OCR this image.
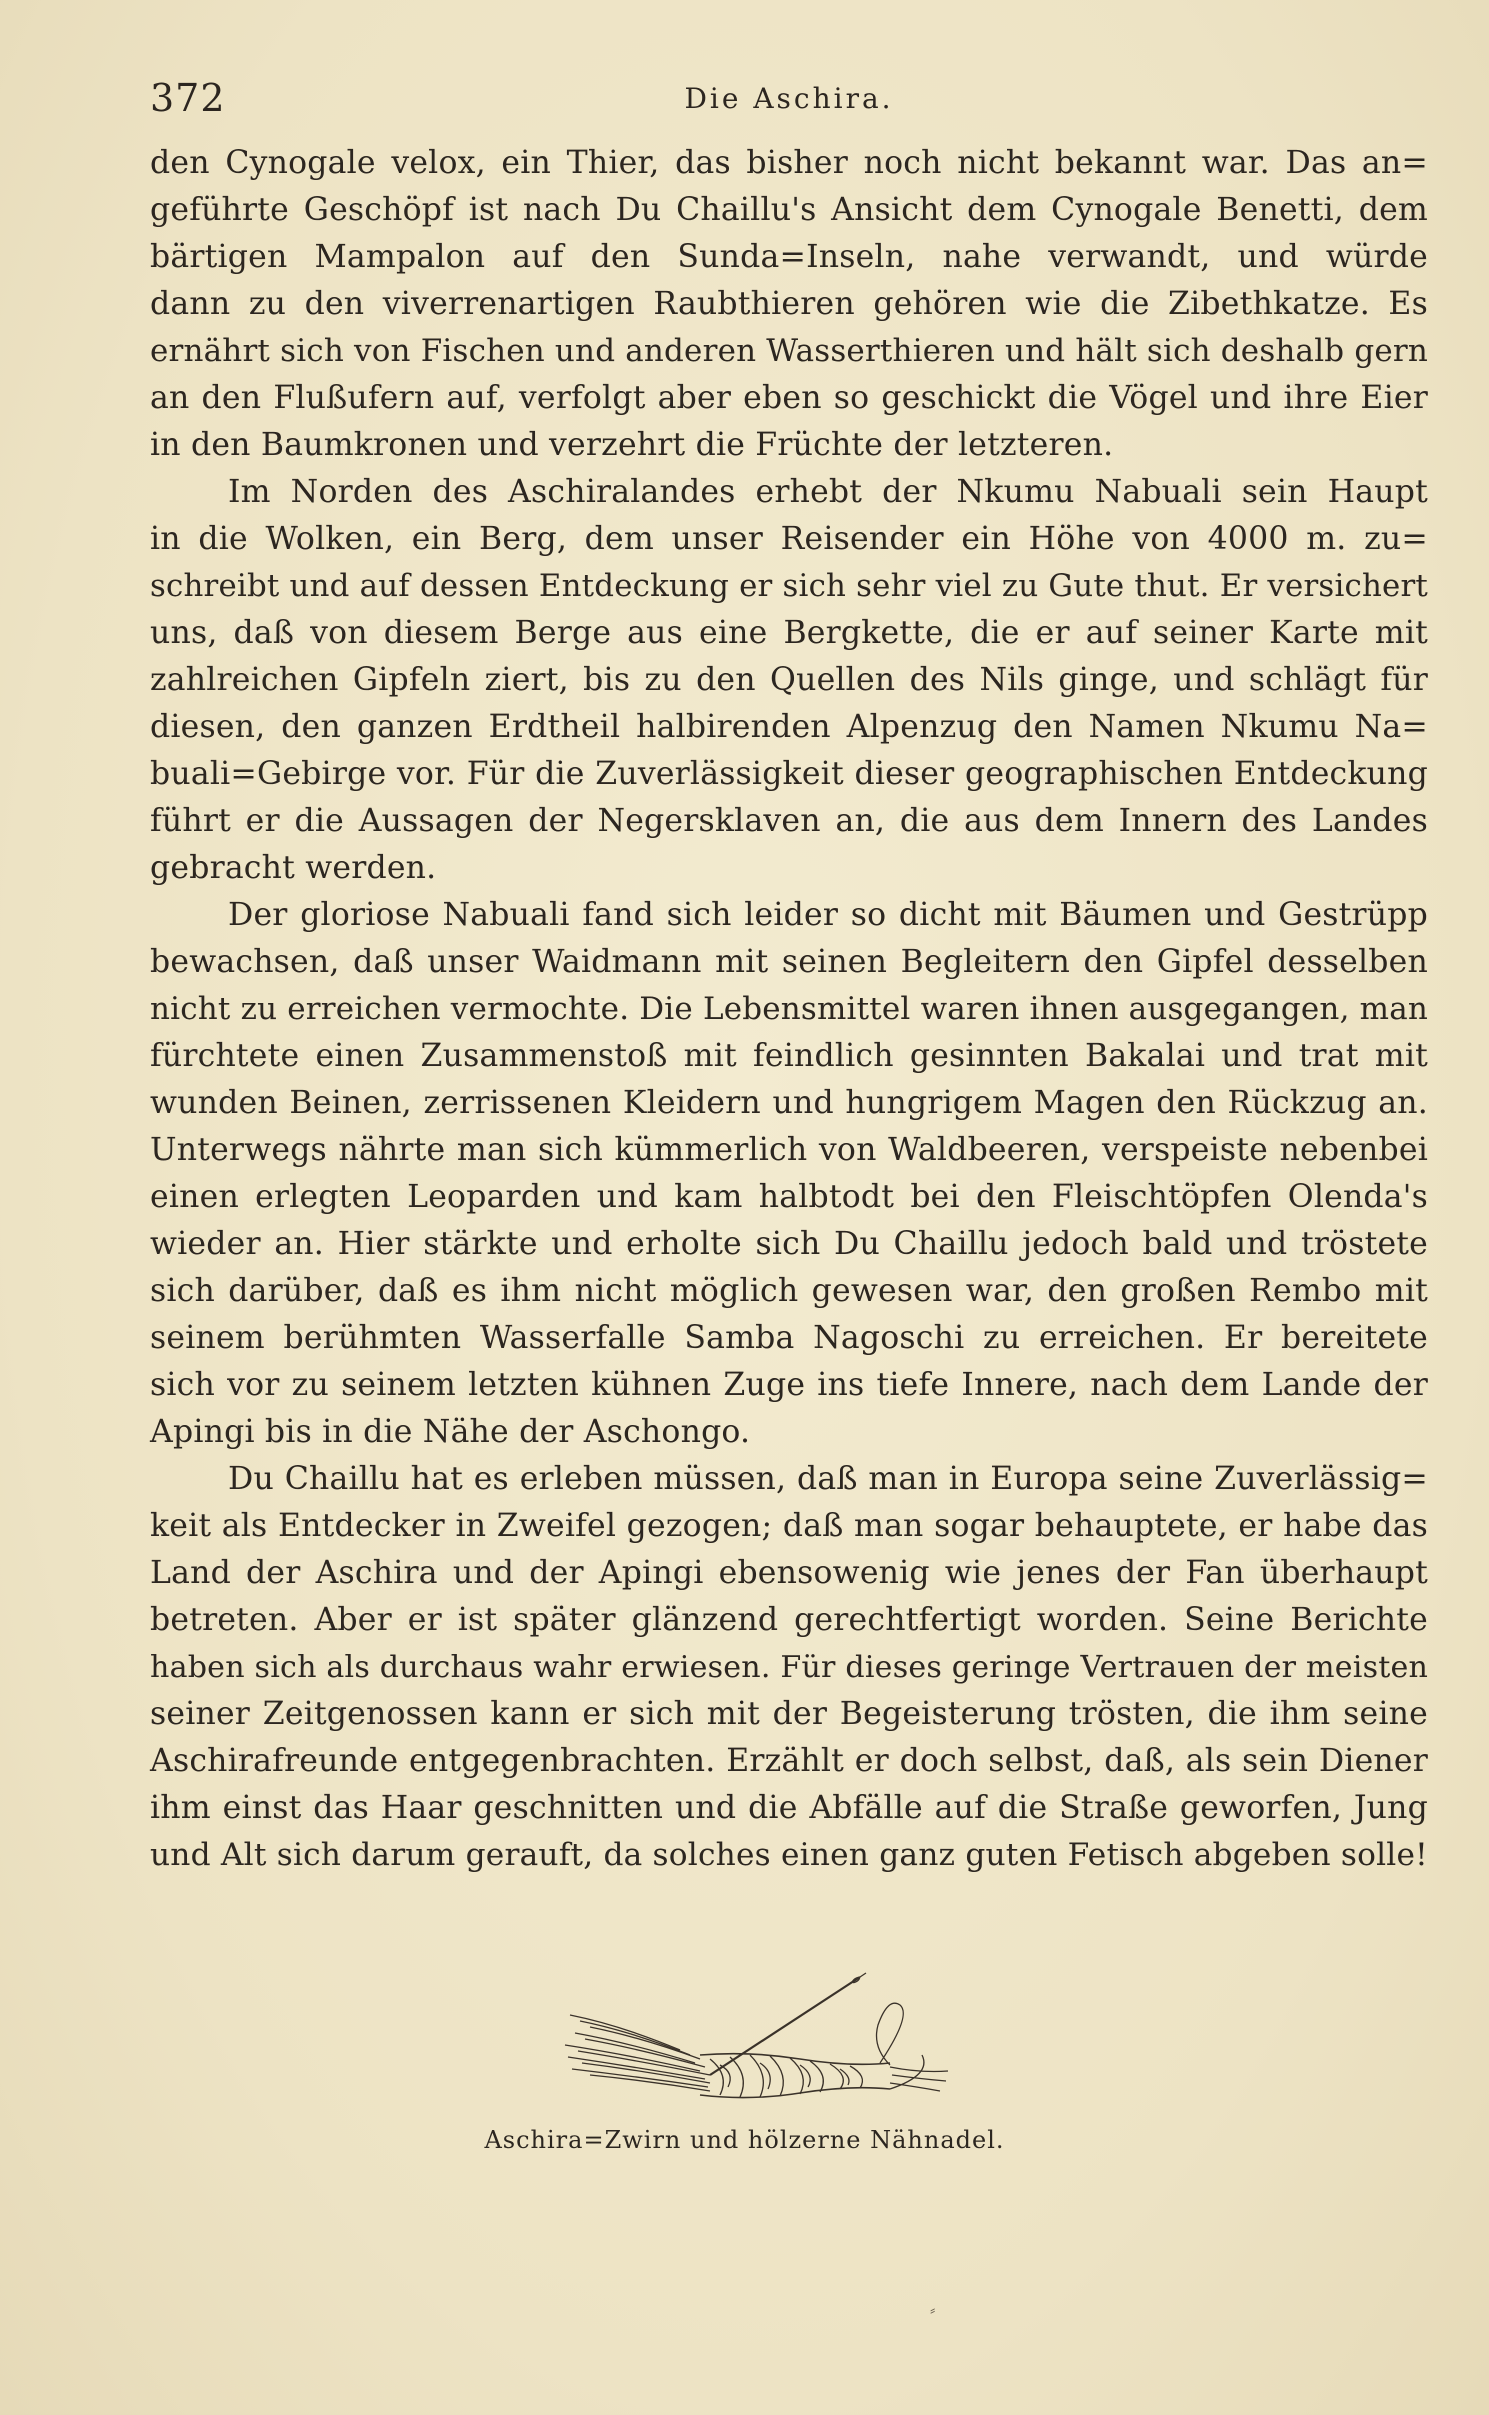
372	Die Aschira.
den Cynogale velox, ein Thier, das bisher noch nicht bekannt war. Das an=
geführte Geschöpf ist nach Du Chaillu's Ansicht dem Cynogale Benetti, dem
bärtigen Mampalon auf den Sunda=Inseln, nahe verwandt, und würde
dann zu den viverrenartigen Raubthieren gehören wie die Zibethkatze. Es
ernährt sich von Fischen und anderen Wasserthieren und hält sich deshalb gern
an den Flußufern auf, verfolgt aber eben so geschickt die Vögel und ihre Eier
in den Baumkronen und verzehrt die Früchte der letzteren.
Im Norden des Aschiralandes erhebt der Nkumu Nabuali sein Haupt
in die Wolken, ein Berg, dem unser Reisender ein Höhe von 4000 m. zu=
schreibt und auf dessen Entdeckung er sich sehr viel zu Gute thut. Er versichert
uns, daß von diesem Berge aus eine Bergkette, die er auf seiner Karte mit
zahlreichen Gipfeln ziert, bis zu den Quellen des Nils ginge, und schlägt für
diesen, den ganzen Erdtheil halbirenden Alpenzug den Namen Nkumu Na=
buali=Gebirge vor. Für die Zuverlässigkeit dieser geographischen Entdeckung
führt er die Aussagen der Negersklaven an, die aus dem Innern des Landes
gebracht werden.
Der gloriose Nabuali fand sich leider so dicht mit Bäumen und Gestrüpp
bewachsen, daß unser Waidmann mit seinen Begleitern den Gipfel desselben
nicht zu erreichen vermochte. Die Lebensmittel waren ihnen ausgegangen, man
fürchtete einen Zusammenstoß mit feindlich gesinnten Bakalai und trat mit
wunden Beinen, zerrissenen Kleidern und hungrigem Magen den Rückzug an.
Unterwegs nährte man sich kümmerlich von Waldbeeren, verspeiste nebenbei
einen erlegten Leoparden und kam halbtodt bei den Fleischtöpfen Olenda's
wieder an. Hier stärkte und erholte sich Du Chaillu jedoch bald und tröstete
sich darüber, daß es ihm nicht möglich gewesen war, den großen Rembo mit
seinem berühmten Wasserfalle Samba Nagoschi zu erreichen. Er bereitete
sich vor zu seinem letzten kühnen Zuge ins tiefe Innere, nach dem Lande der
Apingi bis in die Nähe der Aschongo.
Du Chaillu hat es erleben müssen, daß man in Europa seine Zuverlässig=
keit als Entdecker in Zweifel gezogen; daß man sogar behauptete, er habe das
Land der Aschira und der Apingi ebensowenig wie jenes der Fan überhaupt
betreten. Aber er ist später glänzend gerechtfertigt worden. Seine Berichte
haben sich als durchaus wahr erwiesen. Für dieses geringe Vertrauen der meisten
seiner Zeitgenossen kann er sich mit der Begeisterung trösten, die ihm seine
Aschirafreunde entgegenbrachten. Erzählt er doch selbst, daß, als sein Diener
ihm einst das Haar geschnitten und die Abfälle auf die Straße geworfen, Jung
und Alt sich darum gerauft, da solches einen ganz guten Fetisch abgeben solle!
Aschira=Zwirn und hölzerne Nähnadel.
⸗
